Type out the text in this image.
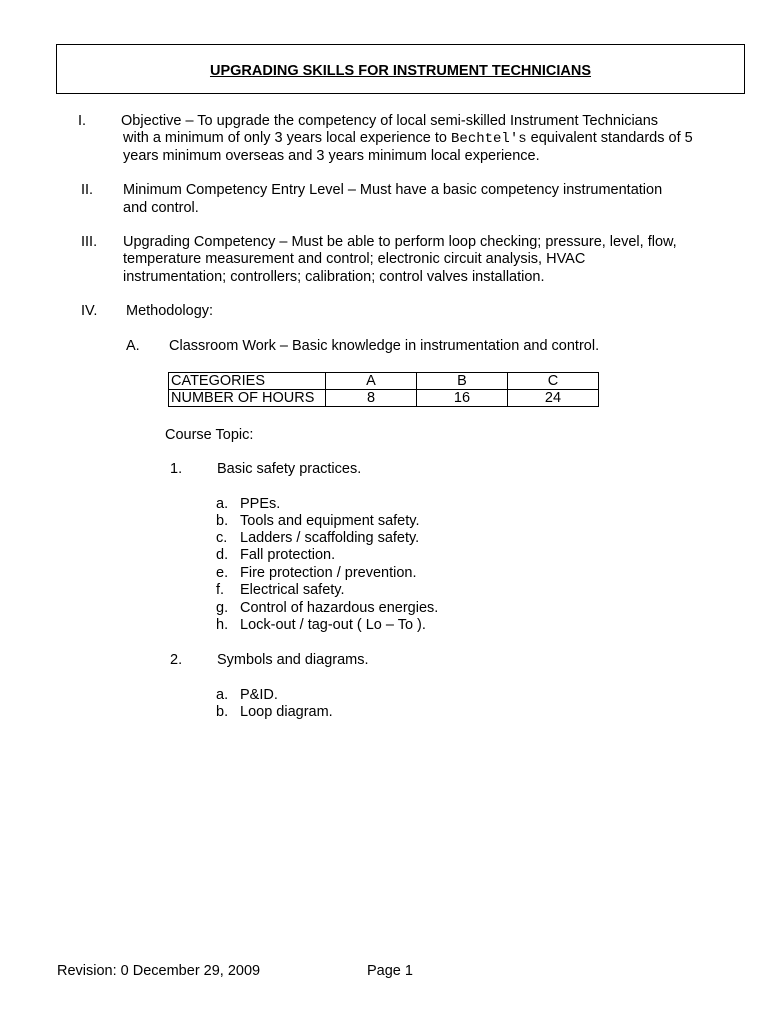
UPGRADING SKILLS FOR INSTRUMENT TECHNICIANS
I. Objective – To upgrade the competency of local semi-skilled Instrument Technicians
with a minimum of only 3 years local experience to Bechtel's equivalent standards of 5
years minimum overseas and 3 years minimum local experience.
II. Minimum Competency Entry Level – Must have a basic competency instrumentation
and control.
III. Upgrading Competency – Must be able to perform loop checking; pressure, level, flow,
temperature measurement and control; electronic circuit analysis, HVAC
instrumentation; controllers; calibration; control valves installation.
IV. Methodology:
A. Classroom Work – Basic knowledge in instrumentation and control.
CATEGORIES	A	B	C
NUMBER OF HOURS	8	16	24
Course Topic:
1. Basic safety practices.
a. PPEs.
b. Tools and equipment safety.
c. Ladders / scaffolding safety.
d. Fall protection.
e. Fire protection / prevention.
f. Electrical safety.
g. Control of hazardous energies.
h. Lock-out / tag-out ( Lo – To ).
2. Symbols and diagrams.
a. P&ID.
b. Loop diagram.
Revision: 0 December 29, 2009	Page 1
